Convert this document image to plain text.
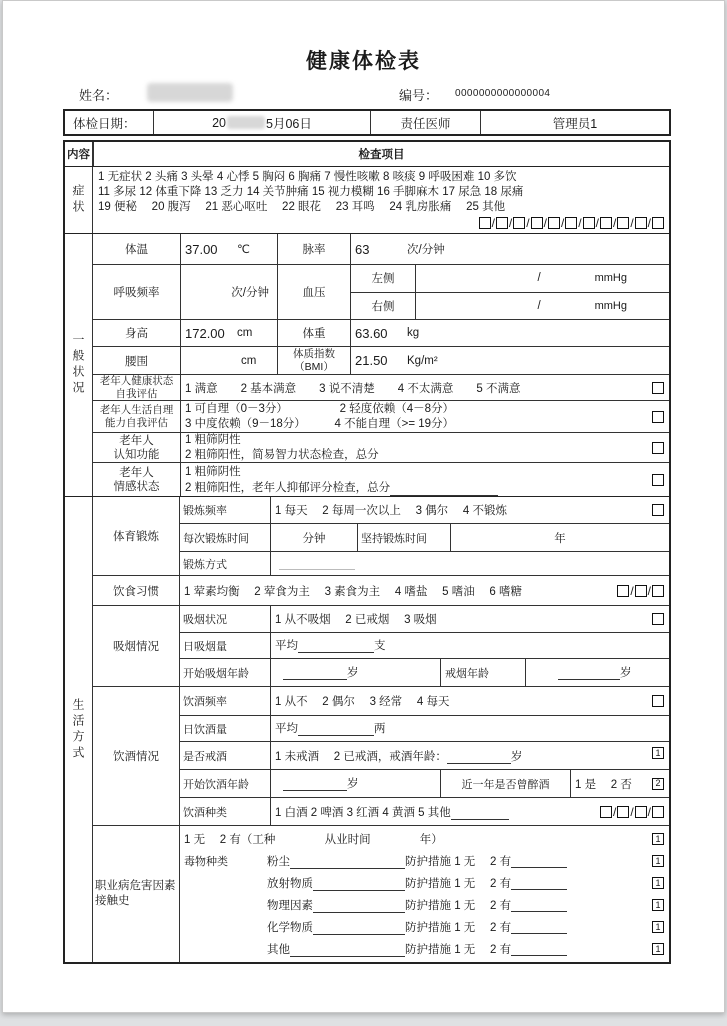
健康体检表
姓名：	编号： 0000000000000004
体检日期：	20	5月06日	责任医师	管理员1
内容	检查项目
症状
1 无症状 2 头痛 3 头晕 4 心悸 5 胸闷 6 胸痛 7 慢性咳嗽 8 咳痰 9 呼吸困难 10 多饮
11 多尿 12 体重下降 13 乏力 14 关节肿痛 15 视力模糊 16 手脚麻木 17 尿急 18 尿痛
19 便秘　 20 腹泻　 21 恶心呕吐　 22 眼花　 23 耳鸣　 24 乳房胀痛　 25 其他
/ / / / / / / / / /
一般状况
体温	37.00	℃	脉率	63	次/分钟
呼吸频率	次/分钟	血压
左侧	/	mmHg
右侧	/	mmHg
身高	172.00	cm	体重	63.60	kg
腰围	cm
体质指数
（BMI）	21.50	Kg/m²
老年人健康状态
自我评估	1 满意　　2 基本满意　　3 说不清楚　　4 不太满意　　5 不满意
老年人生活自理
能力自我评估
1 可自理（0－3分）　　　　　2 轻度依赖（4－8分）
3 中度依赖（9－18分）　　　4 不能自理（>= 19分）
老年人
认知功能
1 粗筛阴性
2 粗筛阳性，简易智力状态检查，总分
老年人
情感状态
1 粗筛阴性
2 粗筛阳性，老年人抑郁评分检查，总分
生活方式
体育锻炼
锻炼频率	1 每天　 2 每周一次以上　 3 偶尔　 4 不锻炼
每次锻炼时间	分钟	坚持锻炼时间	年
锻炼方式
饮食习惯	1 荤素均衡　 2 荤食为主　 3 素食为主　 4 嗜盐　 5 嗜油　 6 嗜糖	/ /
吸烟情况
吸烟状况	1 从不吸烟　 2 已戒烟　 3 吸烟
日吸烟量	平均	支
开始吸烟年龄	岁	戒烟年龄	岁
饮酒情况
饮酒频率	1 从不　 2 偶尔　 3 经常　 4 每天
日饮酒量	平均	两
是否戒酒	1 未戒酒　 2 已戒酒，戒酒年龄：	岁	1
开始饮酒年龄	岁	近一年是否曾醉酒	1 是　 2 否	2
饮酒种类	1 白酒 2 啤酒 3 红酒 4 黄酒 5 其他	/ / /
职业病危害因素
接触史
1 无　 2 有（工种　　　　 从业时间　　　　 年）	1
毒物种类	粉尘	防护措施 1 无　 2 有	1
放射物质	防护措施 1 无　 2 有	1
物理因素	防护措施 1 无　 2 有	1
化学物质	防护措施 1 无　 2 有	1
其他	防护措施 1 无　 2 有	1
